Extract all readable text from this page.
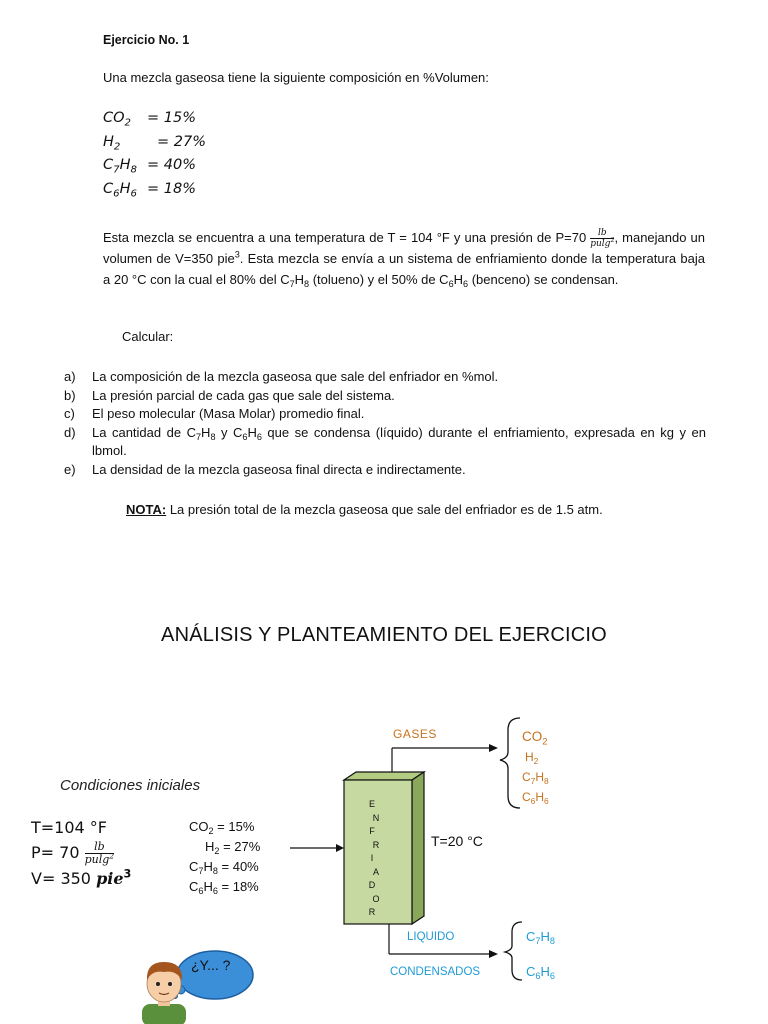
Ejercicio No. 1
Una mezcla gaseosa tiene la siguiente composición en %Volumen:
$CO_2 = 15\%$
$H_2$	= 27%
$C_7H_8 = 40\%$
$C_6H_6 = 18\%$
Esta mezcla se encuentra a una temperatura de T = 104 °F y una presión de $P=70 \frac{lb}{pulg^2}$ , manejando un volumen de V=350 pie$^3$. Esta mezcla se envía a un sistema de enfriamiento donde la temperatura baja a 20 °C con la cual el 80% del $C_7H_8$ (tolueno) y el 50% de $C_6H_6$ (benceno) se condensan.
Calcular:
a)	La composición de la mezcla gaseosa que sale del enfriador en %mol.
b)	La presión parcial de cada gas que sale del sistema.
c)	El peso molecular (Masa Molar) promedio final.
d)	La cantidad de $C_7H_8$ y $C_6H_6$ que se condensa (líquido) durante el enfriamiento, expresada en kg y en lbmol.
e)	La densidad de la mezcla gaseosa final directa e indirectamente.
NOTA: La presión total de la mezcla gaseosa que sale del enfriador es de 1.5 atm.
ANÁLISIS Y PLANTEAMIENTO DEL EJERCICIO
Condiciones iniciales
T=104 °F
$P= 70 \frac{lb}{pulg^2}$
V= 350 pie$^3$
$CO_2 = 15\%$
$H_2 = 27\%$
$C_7H_8 = 40\%$
$C_6H_6 = 18\%$
E
N
F
R
I
A
D
O
R
T=20 °C
GASES	$CO_2$
$H_2$
$C_7H_8$
$C_6H_6$
LIQUIDO
CONDENSADOS
$C_7H_8$
$C_6H_6$
¿Y... ?
